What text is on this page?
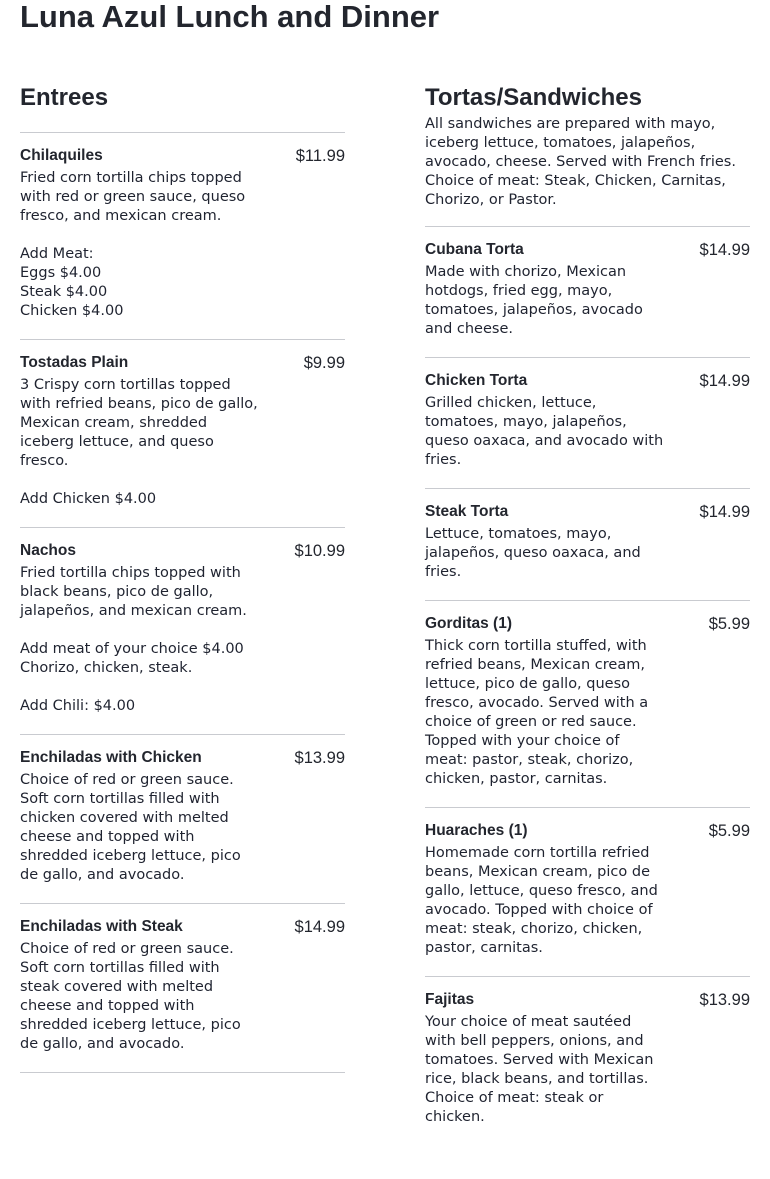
Luna Azul Lunch and Dinner
Entrees
Chilaquiles	$11.99

Fried corn tortilla chips topped with red or green sauce, queso fresco, and mexican cream.

Add Meat:
Eggs $4.00
Steak $4.00
Chicken $4.00

Tostadas Plain	$9.99

3 Crispy corn tortillas topped with refried beans, pico de gallo, Mexican cream, shredded iceberg lettuce, and queso fresco.

Add Chicken $4.00

Nachos	$10.99

Fried tortilla chips topped with black beans, pico de gallo, jalapeños, and mexican cream.

Add meat of your choice $4.00
Chorizo, chicken, steak.

Add Chili: $4.00

Enchiladas with Chicken	$13.99

Choice of red or green sauce. Soft corn tortillas filled with chicken covered with melted cheese and topped with shredded iceberg lettuce, pico de gallo, and avocado.

Enchiladas with Steak	$14.99

Choice of red or green sauce. Soft corn tortillas filled with steak covered with melted cheese and topped with shredded iceberg lettuce, pico de gallo, and avocado.

Tortas/Sandwiches

All sandwiches are prepared with mayo, iceberg lettuce, tomatoes, jalapeños, avocado, cheese. Served with French fries. Choice of meat: Steak, Chicken, Carnitas, Chorizo, or Pastor.

Cubana Torta	$14.99

Made with chorizo, Mexican hotdogs, fried egg, mayo, tomatoes, jalapeños, avocado and cheese.

Chicken Torta	$14.99

Grilled chicken, lettuce, tomatoes, mayo, jalapeños, queso oaxaca, and avocado with fries.

Steak Torta	$14.99

Lettuce, tomatoes, mayo, jalapeños, queso oaxaca, and fries.

Gorditas (1)	$5.99

Thick corn tortilla stuffed, with refried beans, Mexican cream, lettuce, pico de gallo, queso fresco, avocado. Served with a choice of green or red sauce. Topped with your choice of meat: pastor, steak, chorizo, chicken, pastor, carnitas.

Huaraches (1)	$5.99

Homemade corn tortilla refried beans, Mexican cream, pico de gallo, lettuce, queso fresco, and avocado. Topped with choice of meat: steak, chorizo, chicken, pastor, carnitas.

Fajitas	$13.99

Your choice of meat sautéed with bell peppers, onions, and tomatoes. Served with Mexican rice, black beans, and tortillas. Choice of meat: steak or chicken.
